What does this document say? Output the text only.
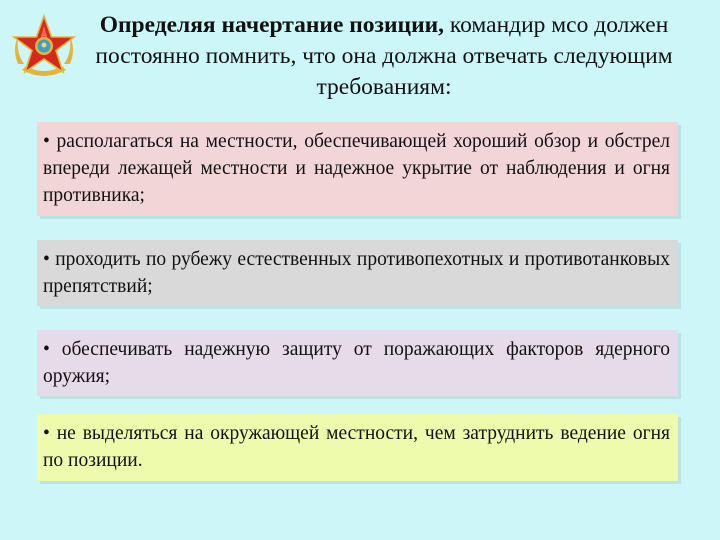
Определяя начертание позиции, командир мсо должен постоянно помнить, что она должна отвечать следующим требованиям:
• располагаться на местности, обеспечивающей хороший обзор и обстрел впереди лежащей местности и надежное укрытие от наблюдения и огня противника;
• проходить по рубежу естественных противопехотных и противотанковых препятствий;
• обеспечивать надежную защиту от поражающих факторов ядерного оружия;
• не выделяться на окружающей местности, чем затруднить ведение огня по позиции.
